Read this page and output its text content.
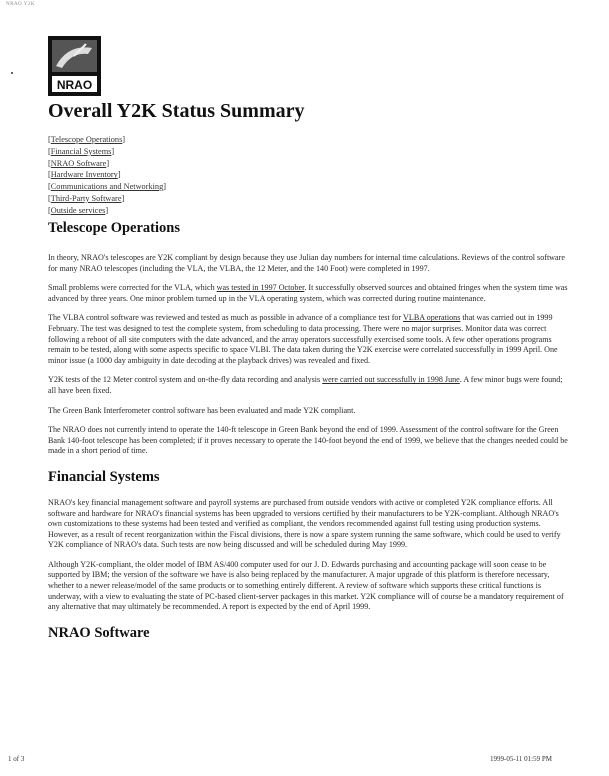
NRAO Y2K
NRAO
Overall Y2K Status Summary
[Telescope Operations]
[Financial Systems]
[NRAO Software]
[Hardware Inventory]
[Communications and Networking]
[Third-Party Software]
[Outside services]
Telescope Operations

In theory, NRAO's telescopes are Y2K compliant by design because they use Julian day numbers for internal time calculations. Reviews of the control software for many NRAO telescopes (including the VLA, the VLBA, the 12 Meter, and the 140 Foot) were completed in 1997.

Small problems were corrected for the VLA, which was tested in 1997 October. It successfully observed sources and obtained fringes when the system time was advanced by three years. One minor problem turned up in the VLA operating system, which was corrected during routine maintenance.

The VLBA control software was reviewed and tested as much as possible in advance of a compliance test for VLBA operations that was carried out in 1999 February. The test was designed to test the complete system, from scheduling to data processing. There were no major surprises. Monitor data was correct following a reboot of all site computers with the date advanced, and the array operators successfully exercised some tools. A few other operations programs remain to be tested, along with some aspects specific to space VLBI. The data taken during the Y2K exercise were correlated successfully in 1999 April. One minor issue (a 1000 day ambiguity in date decoding at the playback drives) was revealed and fixed.

Y2K tests of the 12 Meter control system and on-the-fly data recording and analysis were carried out successfully in 1998 June. A few minor bugs were found; all have been fixed.

The Green Bank Interferometer control software has been evaluated and made Y2K compliant.

The NRAO does not currently intend to operate the 140-ft telescope in Green Bank beyond the end of 1999. Assessment of the control software for the Green Bank 140-foot telescope has been completed; if it proves necessary to operate the 140-foot beyond the end of 1999, we believe that the changes needed could be made in a short period of time.

Financial Systems

NRAO's key financial management software and payroll systems are purchased from outside vendors with active or completed Y2K compliance efforts. All software and hardware for NRAO's financial systems has been upgraded to versions certified by their manufacturers to be Y2K-compliant. Although NRAO's own customizations to these systems had been tested and verified as compliant, the vendors recommended against full testing using production systems. However, as a result of recent reorganization within the Fiscal divisions, there is now a spare system running the same software, which could be used to verify Y2K compliance of NRAO's data. Such tests are now being discussed and will be scheduled during May 1999.

Although Y2K-compliant, the older model of IBM AS/400 computer used for our J. D. Edwards purchasing and accounting package will soon cease to be supported by IBM; the version of the software we have is also being replaced by the manufacturer. A major upgrade of this platform is therefore necessary, whether to a newer release/model of the same products or to something entirely different. A review of software which supports these critical functions is underway, with a view to evaluating the state of PC-based client-server packages in this market. Y2K compliance will of course be a mandatory requirement of any alternative that may ultimately be recommended. A report is expected by the end of April 1999.

NRAO Software
1 of 3	1999-05-11 01:59 PM
